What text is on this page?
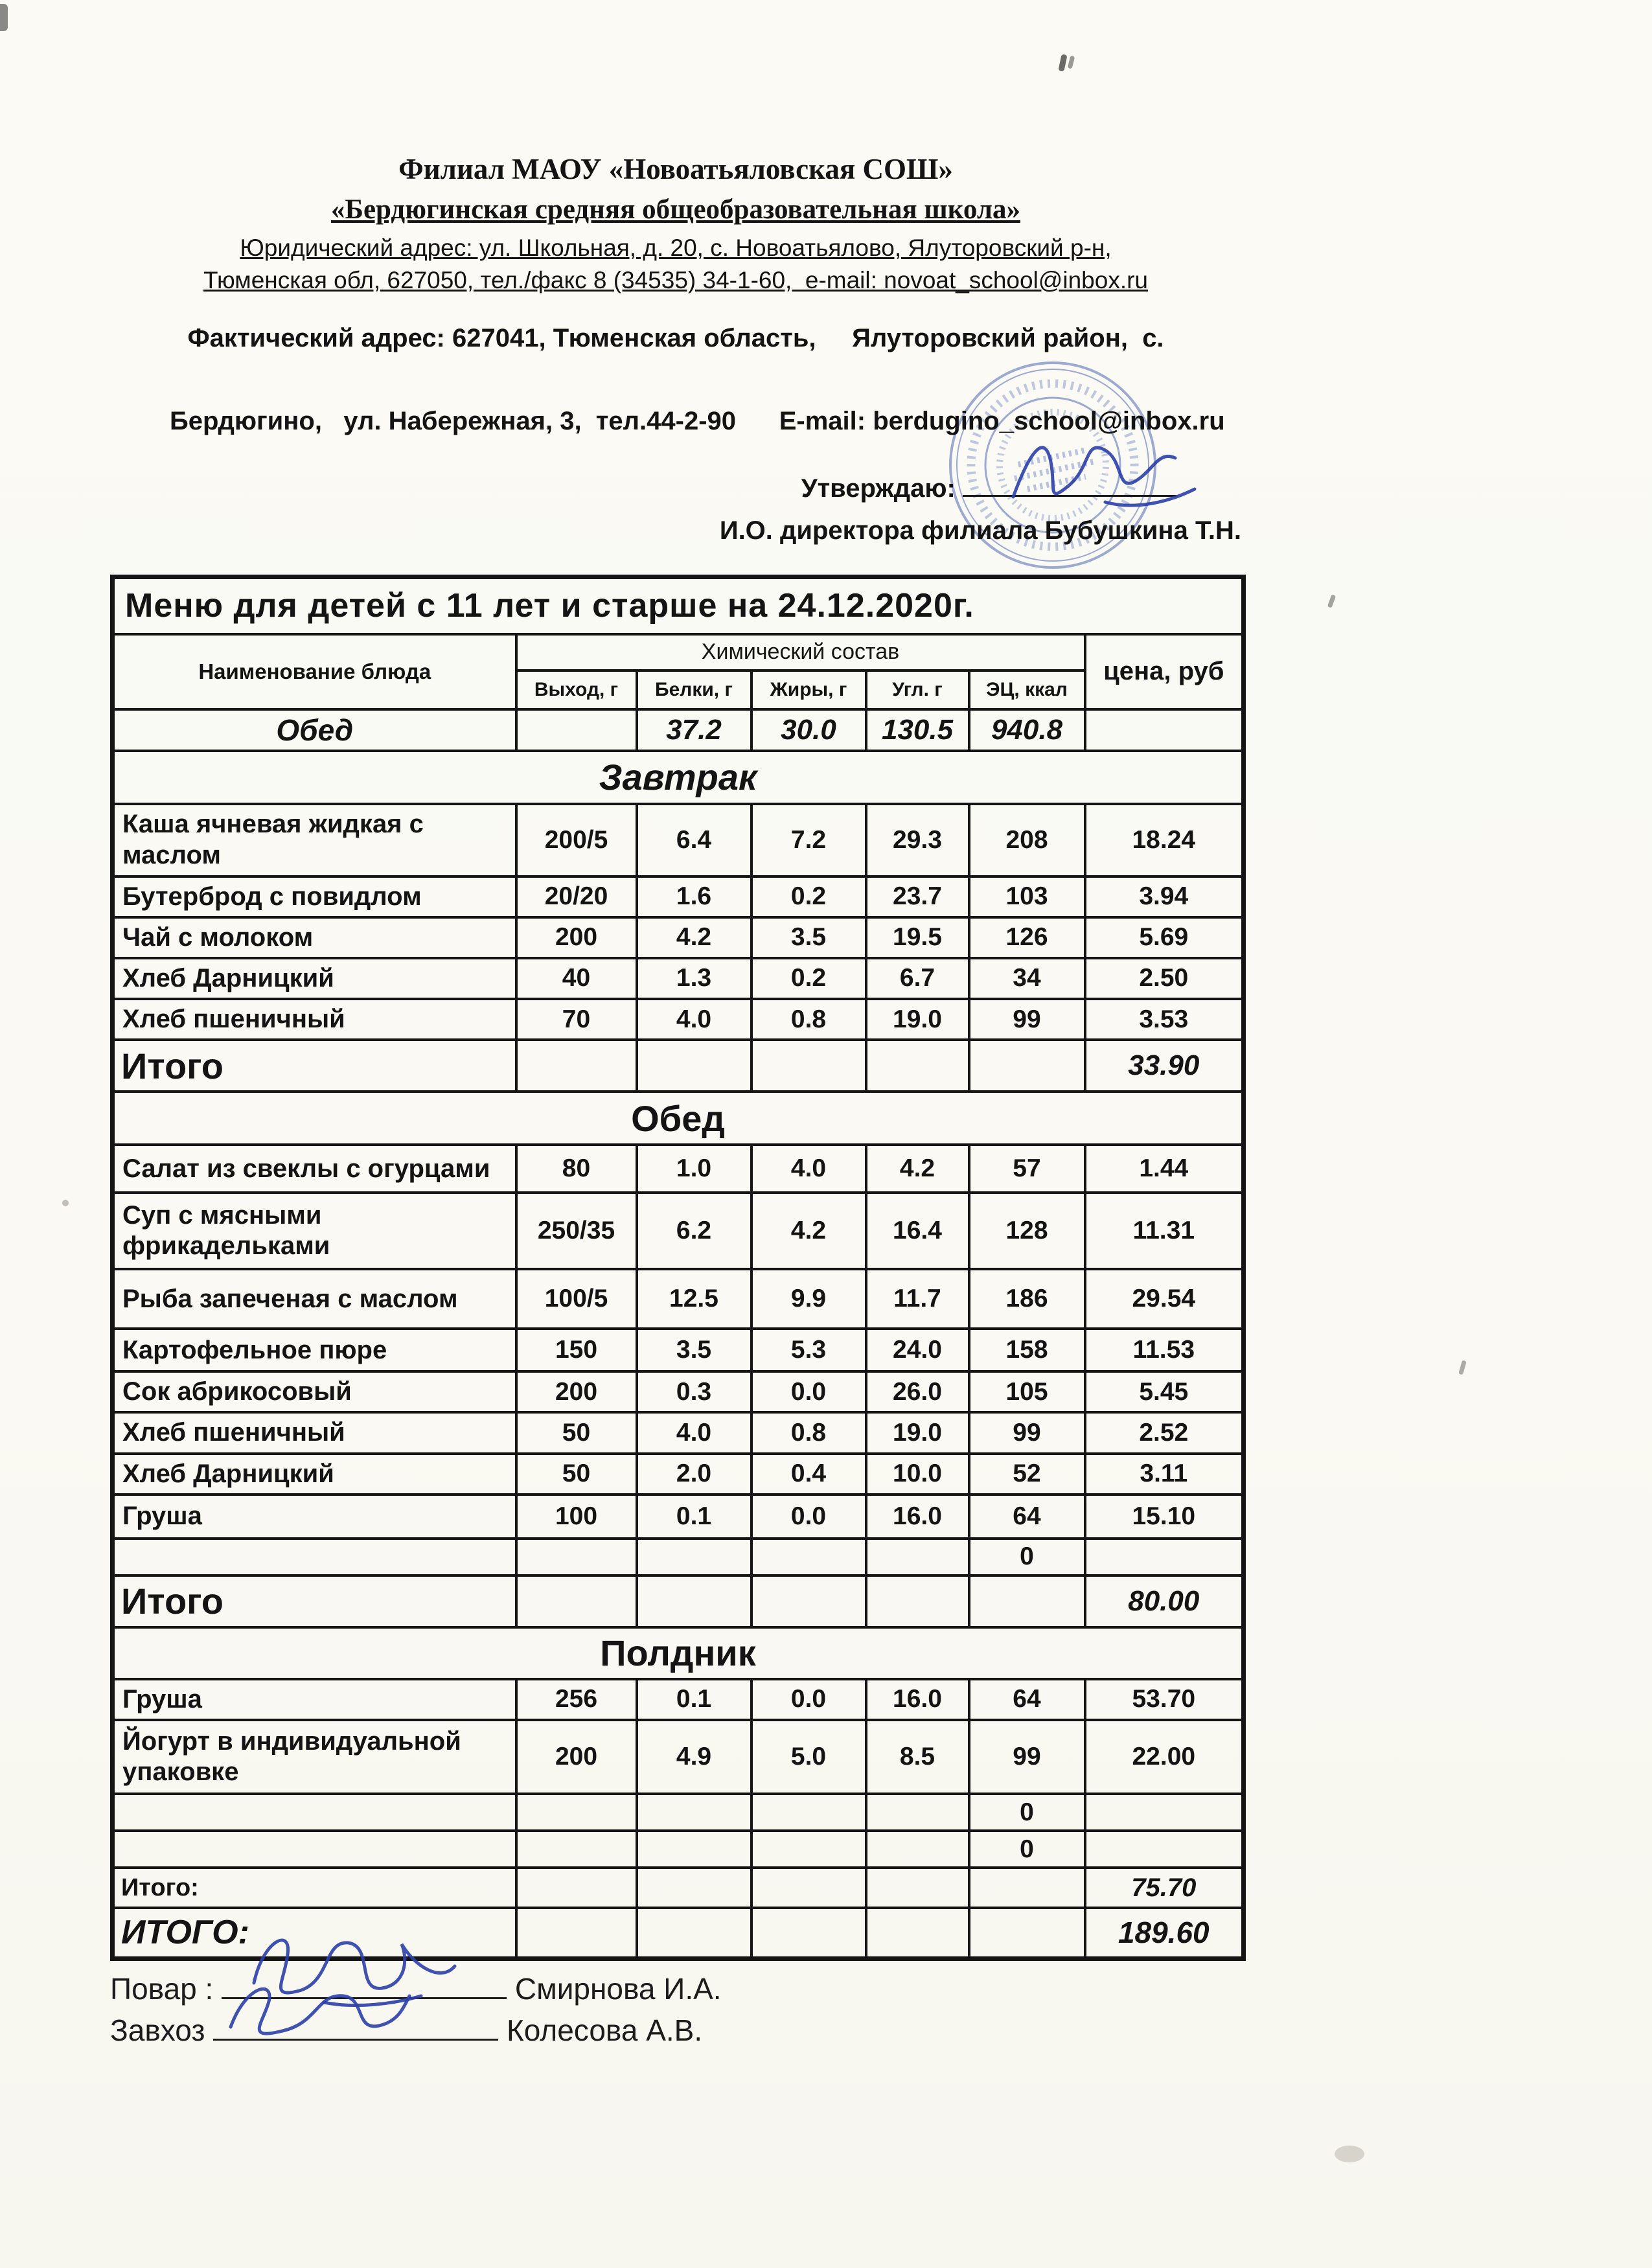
Филиал МАОУ «Новоатьяловская СОШ»
«Бердюгинская средняя общеобразовательная школа»
Юридический адрес: ул. Школьная, д. 20, с. Новоатьялово, Ялуторовский р-н,
Тюменская обл, 627050, тел./факс 8 (34535) 34-1-60,  e-mail: novoat_school@inbox.ru
Фактический адрес: 627041, Тюменская область,     Ялуторовский район,  с.

Бердюгино,   ул. Набережная, 3,  тел.44-2-90      E-mail: berdugino_school@inbox.ru
Утверждаю:
И.О. директора филиала Бубушкина Т.Н.
Меню для детей с 11 лет и старше на 24.12.2020г.						
Наименование блюда	Химический состав					цена, руб
	Выход, г	Белки, г	Жиры, г	Угл. г	ЭЦ, ккал	
Обед		37.2	30.0	130.5	940.8	
Завтрак						
Каша ячневая жидкая с маслом	200/5	6.4	7.2	29.3	208	18.24
Бутерброд с повидлом	20/20	1.6	0.2	23.7	103	3.94
Чай с молоком	200	4.2	3.5	19.5	126	5.69
Хлеб Дарницкий	40	1.3	0.2	6.7	34	2.50
Хлеб пшеничный	70	4.0	0.8	19.0	99	3.53
Итого						33.90
Обед						
Салат из свеклы с огурцами	80	1.0	4.0	4.2	57	1.44
Суп с мясными фрикадельками	250/35	6.2	4.2	16.4	128	11.31
Рыба запеченая с маслом	100/5	12.5	9.9	11.7	186	29.54
Картофельное пюре	150	3.5	5.3	24.0	158	11.53
Сок абрикосовый	200	0.3	0.0	26.0	105	5.45
Хлеб пшеничный	50	4.0	0.8	19.0	99	2.52
Хлеб Дарницкий	50	2.0	0.4	10.0	52	3.11
Груша	100	0.1	0.0	16.0	64	15.10
					0	
Итого						80.00
Полдник						
Груша	256	0.1	0.0	16.0	64	53.70
Йогурт в индивидуальной упаковке	200	4.9	5.0	8.5	99	22.00
					0	
					0	
Итого:						75.70
ИТОГО:						189.60
Повар :	Смирнова И.А.
Завхоз	Колесова А.В.
